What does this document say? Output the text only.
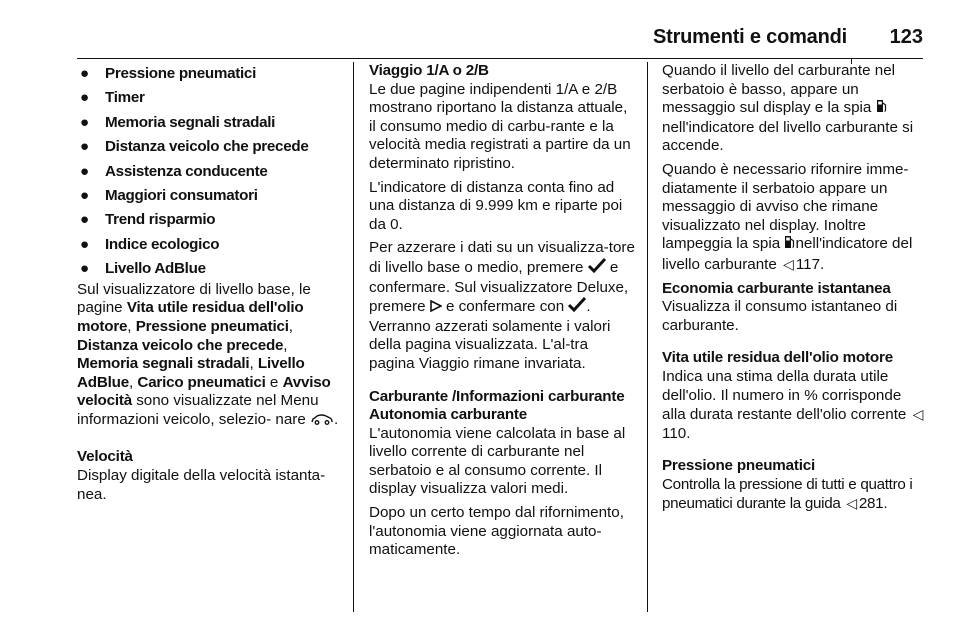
Strumenti e comandi 123
● Pressione pneumatici
● Timer
● Memoria segnali stradali
● Distanza veicolo che precede
● Assistenza conducente
● Maggiori consumatori
● Trend risparmio
● Indice ecologico
● Livello AdBlue

Sul visualizzatore di livello base, le pagine Vita utile residua dell'olio motore, Pressione pneumatici, Distanza veicolo che precede, Memoria segnali stradali, Livello AdBlue, Carico pneumatici e Avviso velocità sono visualizzate nel Menu informazioni veicolo, selezio- nare .

Velocità

Display digitale della velocità istanta-nea.

Viaggio 1/A o 2/B

Le due pagine indipendenti 1/A e 2/B mostrano riportano la distanza attuale, il consumo medio di carbu-rante e la velocità media registrati a partire da un determinato ripristino.

L'indicatore di distanza conta fino ad una distanza di 9.999 km e riparte poi da 0.

Per azzerare i dati su un visualizza-tore di livello base o medio, premere  e confermare. Sul visualizzatore Deluxe, premere  e confermare con . Verranno azzerati solamente i valori della pagina visualizzata. L'al-tra pagina Viaggio rimane invariata.

Carburante /Informazioni carburante
Autonomia carburante

L'autonomia viene calcolata in base al livello corrente di carburante nel serbatoio e al consumo corrente. Il display visualizza valori medi.

Dopo un certo tempo dal rifornimento, l'autonomia viene aggiornata auto-maticamente.

Quando il livello del carburante nel serbatoio è basso, appare un messaggio sul display e la spia  nell'indicatore del livello carburante si accende.

Quando è necessario rifornire imme-diatamente il serbatoio appare un messaggio di avviso che rimane visualizzato nel display. Inoltre lampeggia la spia nell'indicatore del livello carburante ◁ 117.

Economia carburante istantanea

Visualizza il consumo istantaneo di carburante.

Vita utile residua dell'olio motore

Indica una stima della durata utile dell'olio. Il numero in % corrisponde alla durata restante dell'olio corrente ◁110.

Pressione pneumatici

Controlla la pressione di tutti e quattro i pneumatici durante la guida ◁ 281.
